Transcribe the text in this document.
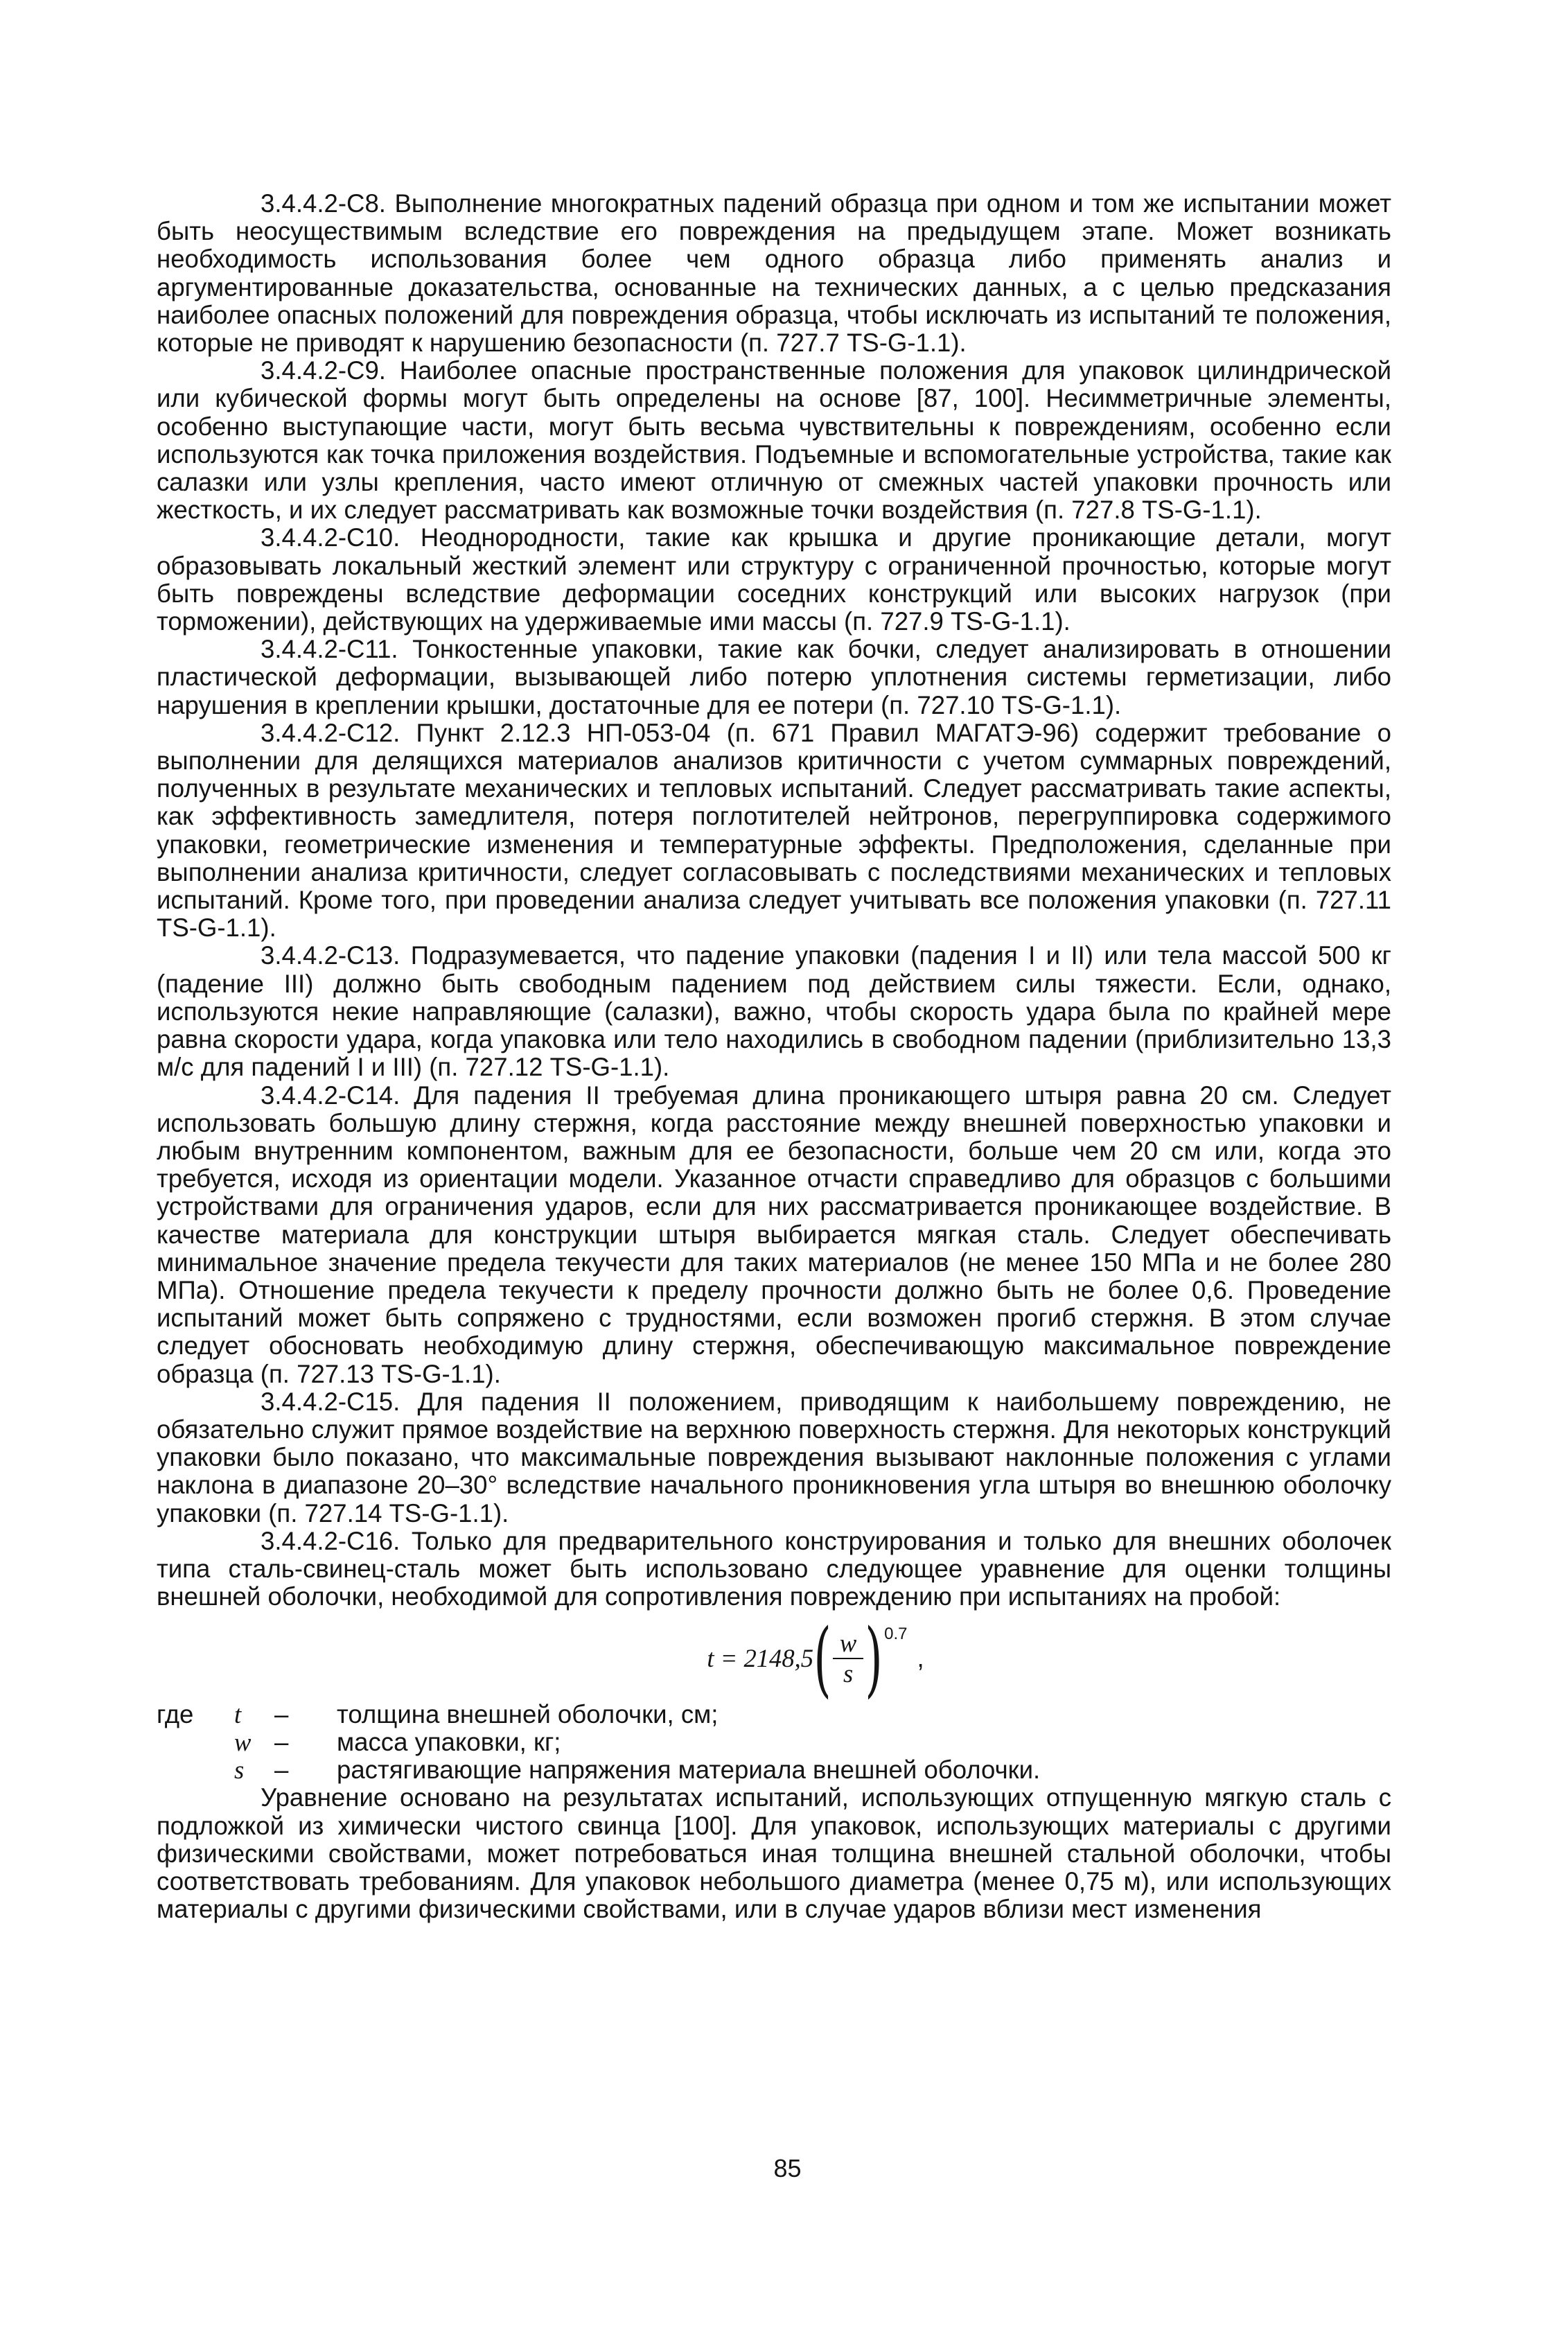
3.4.4.2-С8. Выполнение многократных падений образца при одном и том же испытании может быть неосуществимым вследствие его повреждения на предыдущем этапе. Может возникать необходимость использования более чем одного образца либо применять анализ и аргументированные доказательства, основанные на технических данных, а с целью предсказания наиболее опасных положений для повреждения образца, чтобы исключать из испытаний те положения, которые не приводят к нарушению безопасности (п. 727.7 TS-G-1.1).

3.4.4.2-С9. Наиболее опасные пространственные положения для упаковок цилиндрической или кубической формы могут быть определены на основе [87, 100]. Несимметричные элементы, особенно выступающие части, могут быть весьма чувствительны к повреждениям, особенно если используются как точка приложения воздействия. Подъемные и вспомогательные устройства, такие как салазки или узлы крепления, часто имеют отличную от смежных частей упаковки прочность или жесткость, и их следует рассматривать как возможные точки воздействия (п. 727.8 TS-G-1.1).

3.4.4.2-С10. Неоднородности, такие как крышка и другие проникающие детали, могут образовывать локальный жесткий элемент или структуру с ограниченной прочностью, которые могут быть повреждены вследствие деформации соседних конструкций или высоких нагрузок (при торможении), действующих на удерживаемые ими массы (п. 727.9 TS-G-1.1).

3.4.4.2-С11. Тонкостенные упаковки, такие как бочки, следует анализировать в отношении пластической деформации, вызывающей либо потерю уплотнения системы герметизации, либо нарушения в креплении крышки, достаточные для ее потери (п. 727.10 TS-G-1.1).

3.4.4.2-С12. Пункт 2.12.3 НП-053-04 (п. 671 Правил МАГАТЭ-96) содержит требование о выполнении для делящихся материалов анализов критичности с учетом суммарных повреждений, полученных в результате механических и тепловых испытаний. Следует рассматривать такие аспекты, как эффективность замедлителя, потеря поглотителей нейтронов, перегруппировка содержимого упаковки, геометрические изменения и температурные эффекты. Предположения, сделанные при выполнении анализа критичности, следует согласовывать с последствиями механических и тепловых испытаний. Кроме того, при проведении анализа следует учитывать все положения упаковки (п. 727.11 TS-G-1.1).

3.4.4.2-С13. Подразумевается, что падение упаковки (падения I и II) или тела массой 500 кг (падение III) должно быть свободным падением под действием силы тяжести. Если, однако, используются некие направляющие (салазки), важно, чтобы скорость удара была по крайней мере равна скорости удара, когда упаковка или тело находились в свободном падении (приблизительно 13,3 м/с для падений I и III) (п. 727.12 TS-G-1.1).

3.4.4.2-С14. Для падения II требуемая длина проникающего штыря равна 20 см. Следует использовать большую длину стержня, когда расстояние между внешней поверхностью упаковки и любым внутренним компонентом, важным для ее безопасности, больше чем 20 см или, когда это требуется, исходя из ориентации модели. Указанное отчасти справедливо для образцов с большими устройствами для ограничения ударов, если для них рассматривается проникающее воздействие. В качестве материала для конструкции штыря выбирается мягкая сталь. Следует обеспечивать минимальное значение предела текучести для таких материалов (не менее 150 МПа и не более 280 МПа). Отношение предела текучести к пределу прочности должно быть не более 0,6. Проведение испытаний может быть сопряжено с трудностями, если возможен прогиб стержня. В этом случае следует обосновать необходимую длину стержня, обеспечивающую максимальное повреждение образца (п. 727.13 TS-G-1.1).

3.4.4.2-С15. Для падения II положением, приводящим к наибольшему повреждению, не обязательно служит прямое воздействие на верхнюю поверхность стержня. Для некоторых конструкций упаковки было показано, что максимальные повреждения вызывают наклонные положения с углами наклона в диапазоне 20–30° вследствие начального проникновения угла штыря во внешнюю оболочку упаковки (п. 727.14 TS-G-1.1).

3.4.4.2-С16. Только для предварительного конструирования и только для внешних оболочек типа сталь-свинец-сталь может быть использовано следующее уравнение для оценки толщины внешней оболочки, необходимой для сопротивления повреждению при испытаниях на пробой:

t = 2148,5 ( $\frac{w}{s}$ ) 0.7
,
где	t	–	толщина внешней оболочки, см;
w –	масса упаковки, кг;
s	–	растягивающие напряжения материала внешней оболочки.

Уравнение основано на результатах испытаний, использующих отпущенную мягкую сталь с подложкой из химически чистого свинца [100]. Для упаковок, использующих материалы с другими физическими свойствами, может потребоваться иная толщина внешней стальной оболочки, чтобы соответствовать требованиям. Для упаковок небольшого диаметра (менее 0,75 м), или использующих материалы с другими физическими свойствами, или в случае ударов вблизи мест изменения

85
